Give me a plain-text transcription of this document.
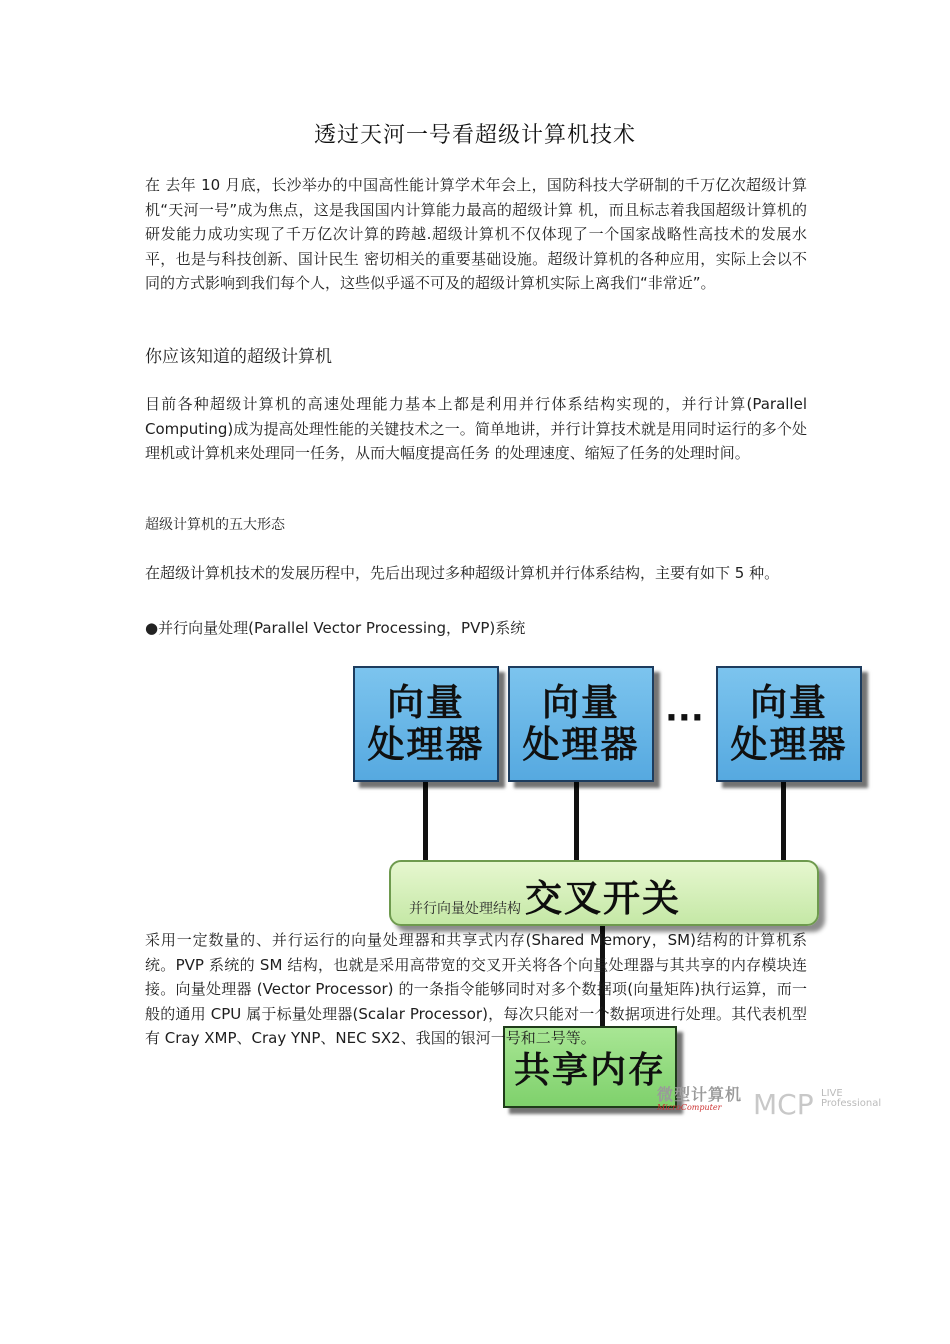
透过天河一号看超级计算机技术

在 去年 10 月底，长沙举办的中国高性能计算学术年会上，国防科技大学研制的千万亿次超级计算机“天河一号”成为焦点，这是我国国内计算能力最高的超级计算 机，而且标志着我国超级计算机的研发能力成功实现了千万亿次计算的跨越.超级计算机不仅体现了一个国家战略性高技术的发展水平，也是与科技创新、国计民生 密切相关的重要基础设施。超级计算机的各种应用，实际上会以不同的方式影响到我们每个人，这些似乎遥不可及的超级计算机实际上离我们“非常近”。

你应该知道的超级计算机

目前各种超级计算机的高速处理能力基本上都是利用并行体系结构实现的，并行计算(Parallel Computing)成为提高处理性能的关键技术之一。简单地讲，并行计算技术就是用同时运行的多个处理机或计算机来处理同一任务，从而大幅度提高任务 的处理速度、缩短了任务的处理时间。

超级计算机的五大形态

在超级计算机技术的发展历程中，先后出现过多种超级计算机并行体系结构，主要有如下 5 种。

●并行向量处理(Parallel Vector Processing，PVP)系统
向量
处理器
向量
处理器
··· 向量
处理器
并行向量处理结构 交叉开关
共享内存
微型计算机
MicroComputer	MCP LIVE
Professional

采用一定数量的、并行运行的向量处理器和共享式内存(Shared Memory，SM)结构的计算机系统。PVP 系统的 SM 结构，也就是采用高带宽的交叉开关将各个向量处理器与其共享的内存模块连接。向量处理器 (Vector Processor) 的一条指令能够同时对多个数据项(向量矩阵)执行运算，而一般的通用 CPU 属于标量处理器(Scalar Processor)，每次只能对一个数据项进行处理。其代表机型有 Cray XMP、Cray YNP、NEC SX2、我国的银河一号和二号等。
